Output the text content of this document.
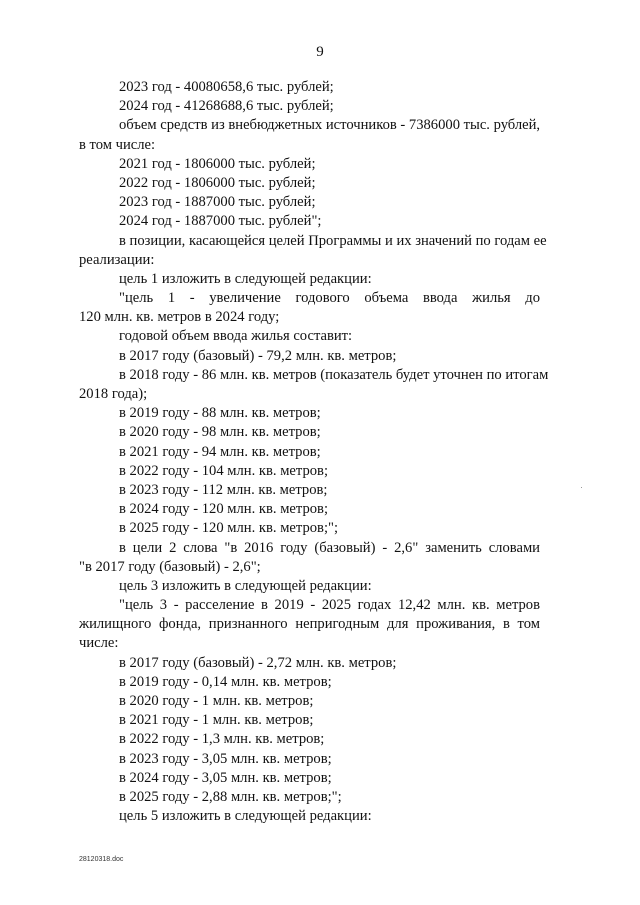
9
2023 год - 40080658,6 тыс. рублей;
2024 год - 41268688,6 тыс. рублей;
объем средств из внебюджетных источников - 7386000 тыс. рублей,
в том числе:
2021 год - 1806000 тыс. рублей;
2022 год - 1806000 тыс. рублей;
2023 год - 1887000 тыс. рублей;
2024 год - 1887000 тыс. рублей";
в позиции, касающейся целей Программы и их значений по годам ее
реализации:
цель 1 изложить в следующей редакции:
"цель 1 - увеличение годового объема ввода жилья до
120 млн. кв. метров в 2024 году;
годовой объем ввода жилья составит:
в 2017 году (базовый) - 79,2 млн. кв. метров;
в 2018 году - 86 млн. кв. метров (показатель будет уточнен по итогам
2018 года);
в 2019 году - 88 млн. кв. метров;
в 2020 году - 98 млн. кв. метров;
в 2021 году - 94 млн. кв. метров;
в 2022 году - 104 млн. кв. метров;
в 2023 году - 112 млн. кв. метров;
в 2024 году - 120 млн. кв. метров;
в 2025 году - 120 млн. кв. метров;";
в цели 2 слова "в 2016 году (базовый) - 2,6" заменить словами
"в 2017 году (базовый) - 2,6";
цель 3 изложить в следующей редакции:
"цель 3 - расселение в 2019 - 2025 годах 12,42 млн. кв. метров
жилищного фонда, признанного непригодным для проживания, в том
числе:
в 2017 году (базовый) - 2,72 млн. кв. метров;
в 2019 году - 0,14 млн. кв. метров;
в 2020 году - 1 млн. кв. метров;
в 2021 году - 1 млн. кв. метров;
в 2022 году - 1,3 млн. кв. метров;
в 2023 году - 3,05 млн. кв. метров;
в 2024 году - 3,05 млн. кв. метров;
в 2025 году - 2,88 млн. кв. метров;";
цель 5 изложить в следующей редакции:
28120318.doc
